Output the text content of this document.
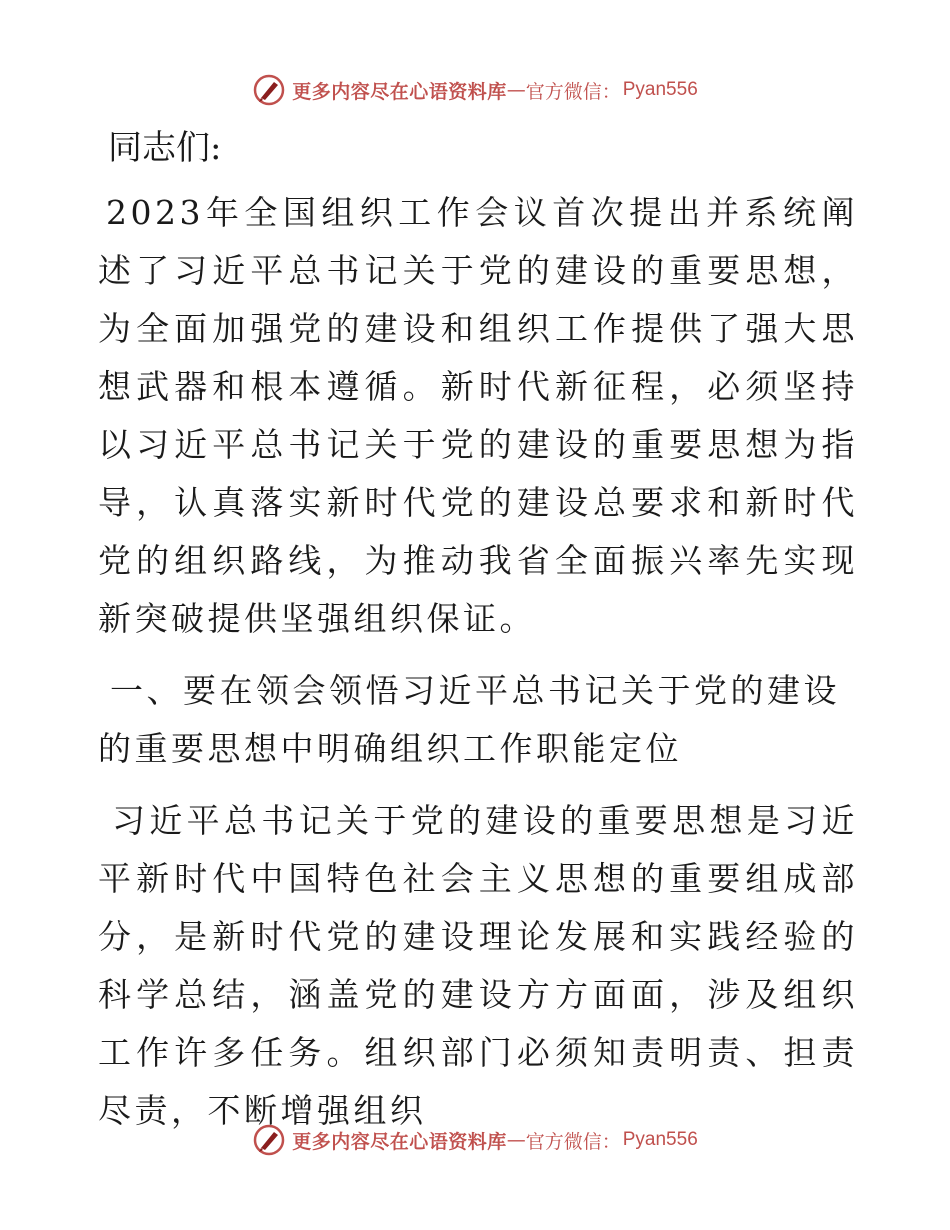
更多内容尽在心语资料库 — 官方微信： Pyan556

同志们:

2023年全国组织工作会议首次提出并系统阐述了习近平总书记关于党的建设的重要思想，为全面加强党的建设和组织工作提供了强大思想武器和根本遵循。新时代新征程，必须坚持以习近平总书记关于党的建设的重要思想为指导，认真落实新时代党的建设总要求和新时代党的组织路线，为推动我省全面振兴率先实现新突破提供坚强组织保证。

一、要在领会领悟习近平总书记关于党的建设的重要思想中明确组织工作职能定位

习近平总书记关于党的建设的重要思想是习近平新时代中国特色社会主义思想的重要组成部分，是新时代党的建设理论发展和实践经验的科学总结，涵盖党的建设方方面面，涉及组织工作许多任务。组织部门必须知责明责、担责尽责，不断增强组织

更多内容尽在心语资料库 — 官方微信： Pyan556
